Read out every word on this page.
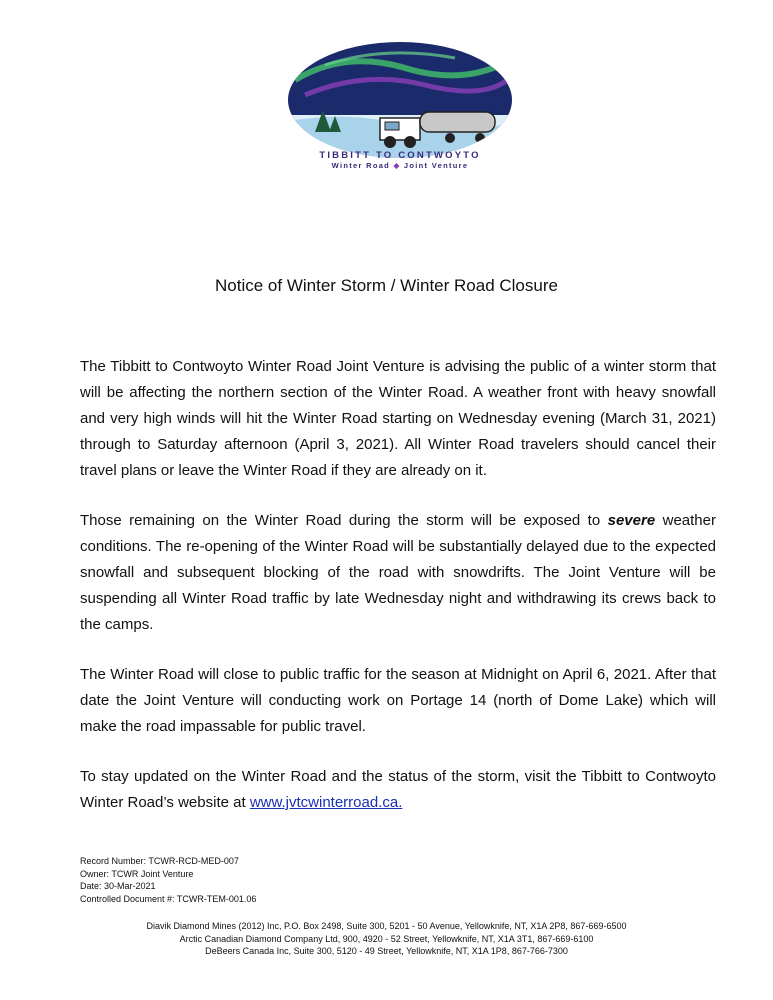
TIBBITT TO CONTWOYTO
Winter Road ◆ Joint Venture
Notice of Winter Storm / Winter Road Closure
The Tibbitt to Contwoyto Winter Road Joint Venture is advising the public of a winter storm that will be affecting the northern section of the Winter Road. A weather front with heavy snowfall and very high winds will hit the Winter Road starting on Wednesday evening (March 31, 2021) through to Saturday afternoon (April 3, 2021). All Winter Road travelers should cancel their travel plans or leave the Winter Road if they are already on it.
Those remaining on the Winter Road during the storm will be exposed to severe weather conditions. The re-opening of the Winter Road will be substantially delayed due to the expected snowfall and subsequent blocking of the road with snowdrifts. The Joint Venture will be suspending all Winter Road traffic by late Wednesday night and withdrawing its crews back to the camps.
The Winter Road will close to public traffic for the season at Midnight on April 6, 2021. After that date the Joint Venture will conducting work on Portage 14 (north of Dome Lake) which will make the road impassable for public travel.
To stay updated on the Winter Road and the status of the storm, visit the Tibbitt to Contwoyto Winter Road’s website at www.jvtcwinterroad.ca.
Record Number: TCWR-RCD-MED-007
Owner: TCWR Joint Venture
Date: 30-Mar-2021
Controlled Document #: TCWR-TEM-001.06
Diavik Diamond Mines (2012) Inc, P.O. Box 2498, Suite 300, 5201 - 50 Avenue, Yellowknife, NT, X1A 2P8, 867-669-6500
Arctic Canadian Diamond Company Ltd, 900, 4920 - 52 Street, Yellowknife, NT, X1A 3T1, 867-669-6100
DeBeers Canada Inc, Suite 300, 5120 - 49 Street, Yellowknife, NT, X1A 1P8, 867-766-7300
